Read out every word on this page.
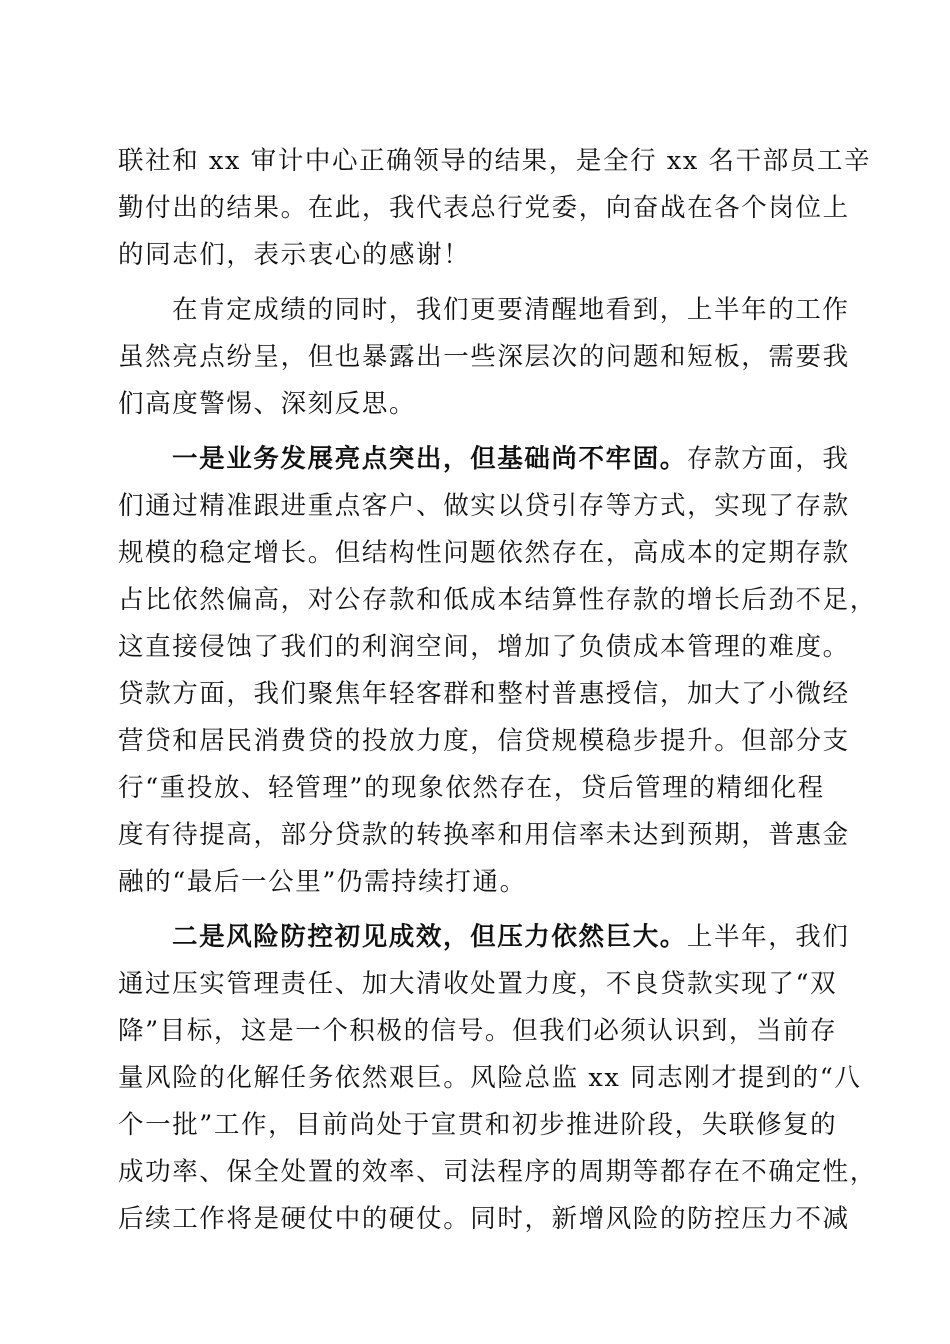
联社和 xx 审计中心正确领导的结果，是全行 xx 名干部员工辛
勤付出的结果。在此，我代表总行党委，向奋战在各个岗位上
的同志们，表示衷心的感谢！
在肯定成绩的同时，我们更要清醒地看到，上半年的工作
虽然亮点纷呈，但也暴露出一些深层次的问题和短板，需要我
们高度警惕、深刻反思。
一是业务发展亮点突出，但基础尚不牢固。存款方面，我
们通过精准跟进重点客户、做实以贷引存等方式，实现了存款
规模的稳定增长。但结构性问题依然存在，高成本的定期存款
占比依然偏高，对公存款和低成本结算性存款的增长后劲不足，
这直接侵蚀了我们的利润空间，增加了负债成本管理的难度。
贷款方面，我们聚焦年轻客群和整村普惠授信，加大了小微经
营贷和居民消费贷的投放力度，信贷规模稳步提升。但部分支
行“重投放、轻管理”的现象依然存在，贷后管理的精细化程
度有待提高，部分贷款的转换率和用信率未达到预期，普惠金
融的“最后一公里”仍需持续打通。
二是风险防控初见成效，但压力依然巨大。上半年，我们
通过压实管理责任、加大清收处置力度，不良贷款实现了“双
降”目标，这是一个积极的信号。但我们必须认识到，当前存
量风险的化解任务依然艰巨。风险总监 xx 同志刚才提到的“八
个一批”工作，目前尚处于宣贯和初步推进阶段，失联修复的
成功率、保全处置的效率、司法程序的周期等都存在不确定性，
后续工作将是硬仗中的硬仗。同时，新增风险的防控压力不减
